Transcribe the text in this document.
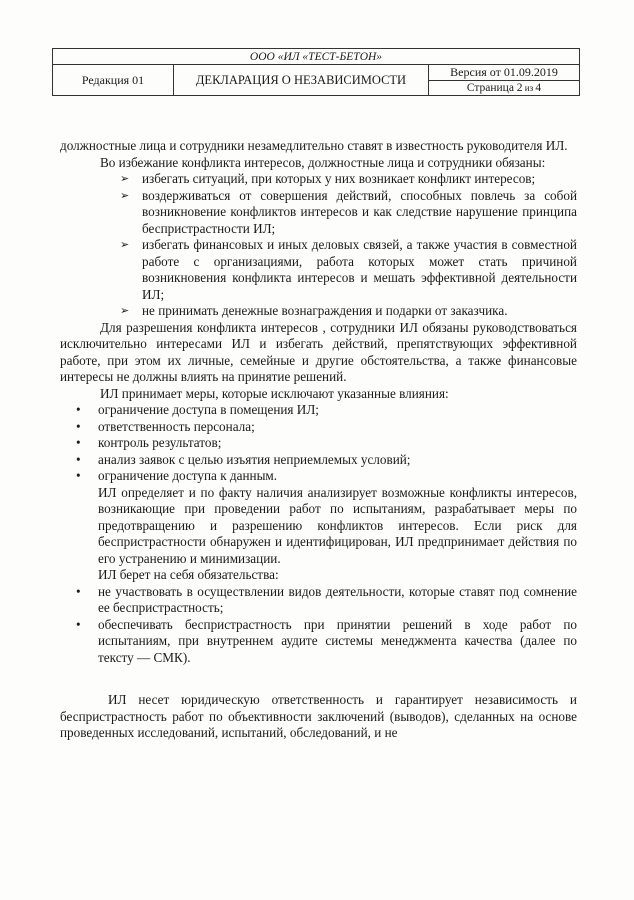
ООО «ИЛ «ТЕСТ-БЕТОН»
Редакция 01	ДЕКЛАРАЦИЯ О НЕЗАВИСИМОСТИ	Версия от 01.09.2019
Страница 2 из 4

должностные лица и сотрудники незамедлительно ставят в известность руководителя ИЛ.

Во избежание конфликта интересов, должностные лица и сотрудники обязаны:

➢ избегать ситуаций, при которых у них возникает конфликт интересов;
➢ воздерживаться от совершения действий, способных повлечь за собой возникновение конфликтов интересов и как следствие нарушение принципа беспристрастности ИЛ;
➢ избегать финансовых и иных деловых связей, а также участия в совместной работе с организациями, работа которых может стать причиной возникновения конфликта интересов и мешать эффективной деятельности ИЛ;
➢ не принимать денежные вознаграждения и подарки от заказчика.

Для разрешения конфликта интересов , сотрудники ИЛ обязаны руководствоваться исключительно интересами ИЛ и избегать действий, препятствующих эффективной работе, при этом их личные, семейные и другие обстоятельства, а также финансовые интересы не должны влиять на принятие решений.

ИЛ принимает меры, которые исключают указанные влияния:

• ограничение доступа в помещения ИЛ;
• ответственность персонала;
• контроль результатов;
• анализ заявок с целью изъятия неприемлемых условий;
• ограничение доступа к данным.

ИЛ определяет и по факту наличия анализирует возможные конфликты интересов, возникающие при проведении работ по испытаниям, разрабатывает меры по предотвращению и разрешению конфликтов интересов. Если риск для беспристрастности обнаружен и идентифицирован, ИЛ предпринимает действия по его устранению и минимизации.

ИЛ берет на себя обязательства:

• не участвовать в осуществлении видов деятельности, которые ставят под сомнение ее беспристрастность;
• обеспечивать беспристрастность при принятии решений в ходе работ по испытаниям, при внутреннем аудите системы менеджмента качества (далее по тексту — СМК).

ИЛ несет юридическую ответственность и гарантирует независимость и беспристрастность работ по объективности заключений (выводов), сделанных на основе проведенных исследований, испытаний, обследований, и не
